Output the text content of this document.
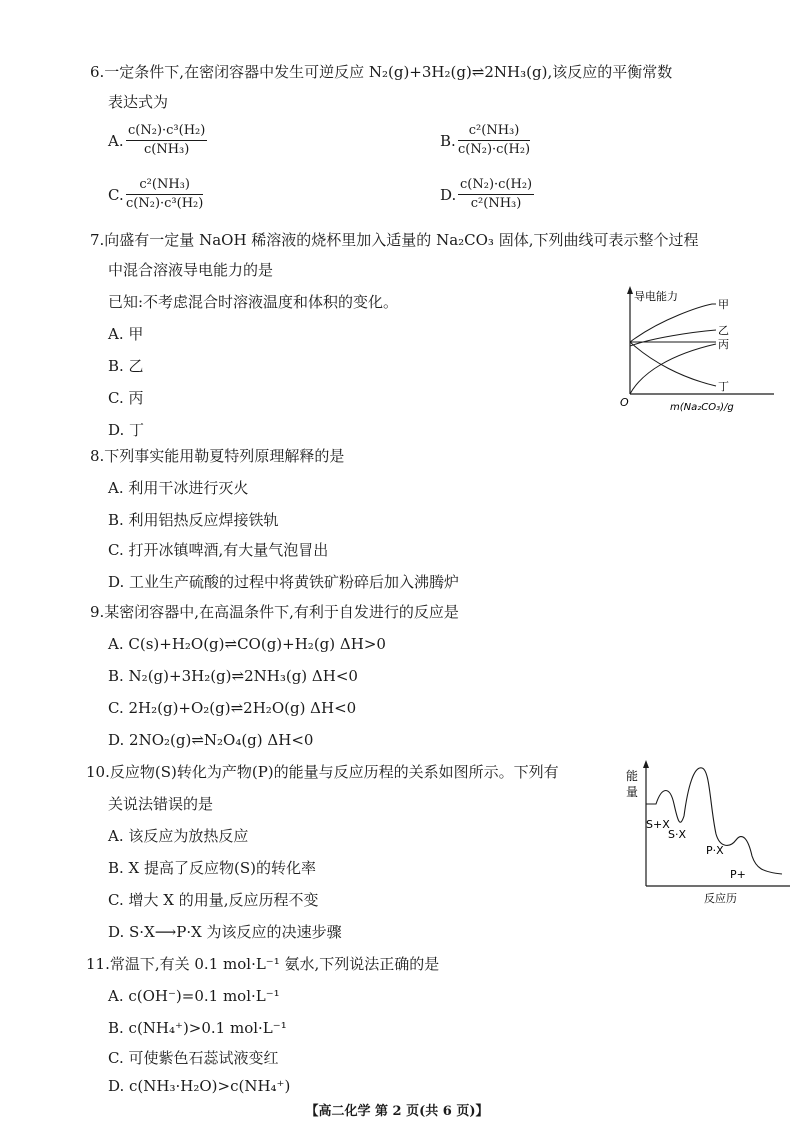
6.一定条件下,在密闭容器中发生可逆反应 N₂(g)+3H₂(g)⇌2NH₃(g),该反应的平衡常数
表达式为
A. $\frac{\text{c(N₂)·c³(H₂)}}{\text{c(NH₃)}}$	B. $\frac{\text{c²(NH₃)}}{\text{c(N₂)·c(H₂)}}$
C. $\frac{\text{c²(NH₃)}}{\text{c(N₂)·c³(H₂)}}$	D. $\frac{\text{c(N₂)·c(H₂)}}{\text{c²(NH₃)}}$
7.向盛有一定量 NaOH 稀溶液的烧杯里加入适量的 Na₂CO₃ 固体,下列曲线可表示整个过程
中混合溶液导电能力的是
已知:不考虑混合时溶液温度和体积的变化。
A. 甲
B. 乙
C. 丙
D. 丁
导电能力
O	m(Na₂CO₃)/g
甲
乙
丙
丁
8.下列事实能用勒夏特列原理解释的是
A. 利用干冰进行灭火
B. 利用铝热反应焊接铁轨
C. 打开冰镇啤酒,有大量气泡冒出
D. 工业生产硫酸的过程中将黄铁矿粉碎后加入沸腾炉
9.某密闭容器中,在高温条件下,有利于自发进行的反应是
A. C(s)+H₂O(g)⇌CO(g)+H₂(g) ΔH>0
B. N₂(g)+3H₂(g)⇌2NH₃(g) ΔH<0
C. 2H₂(g)+O₂(g)⇌2H₂O(g) ΔH<0
D. 2NO₂(g)⇌N₂O₄(g) ΔH<0
10.反应物(S)转化为产物(P)的能量与反应历程的关系如图所示。下列有
关说法错误的是
A. 该反应为放热反应
B. X 提高了反应物(S)的转化率
C. 增大 X 的用量,反应历程不变
D. S·X⟶P·X 为该反应的决速步骤
能
量
反应历
S+X
S·X
P·X
P+
11.常温下,有关 0.1 mol·L⁻¹ 氨水,下列说法正确的是
A. c(OH⁻)=0.1 mol·L⁻¹
B. c(NH₄⁺)>0.1 mol·L⁻¹
C. 可使紫色石蕊试液变红
D. c(NH₃·H₂O)>c(NH₄⁺)
【高二化学 第 2 页(共 6 页)】
